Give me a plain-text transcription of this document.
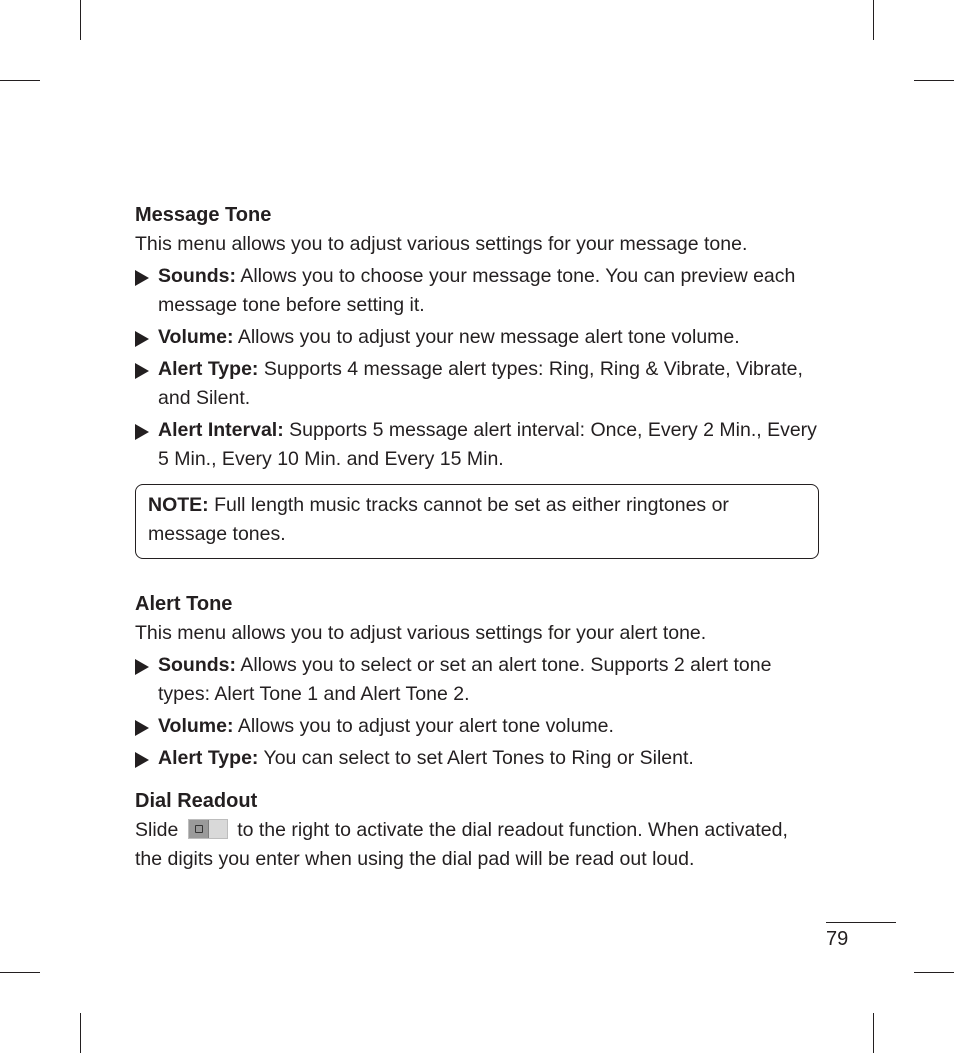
Message Tone

This menu allows you to adjust various settings for your message tone.

Sounds: Allows you to choose your message tone. You can preview each message tone before setting it.
Volume: Allows you to adjust your new message alert tone volume.
Alert Type: Supports 4 message alert types: Ring, Ring & Vibrate, Vibrate, and Silent.
Alert Interval: Supports 5 message alert interval: Once, Every 2 Min., Every 5 Min., Every 10 Min. and Every 15 Min.
NOTE: Full length music tracks cannot be set as either ringtones or message tones.
Alert Tone

This menu allows you to adjust various settings for your alert tone.

Sounds: Allows you to select or set an alert tone. Supports 2 alert tone types: Alert Tone 1 and Alert Tone 2.
Volume: Allows you to adjust your alert tone volume.
Alert Type: You can select to set Alert Tones to Ring or Silent.
Dial Readout

Slide
to the right to activate the dial readout function. When activated, the digits you enter when using the dial pad will be read out loud.

79
